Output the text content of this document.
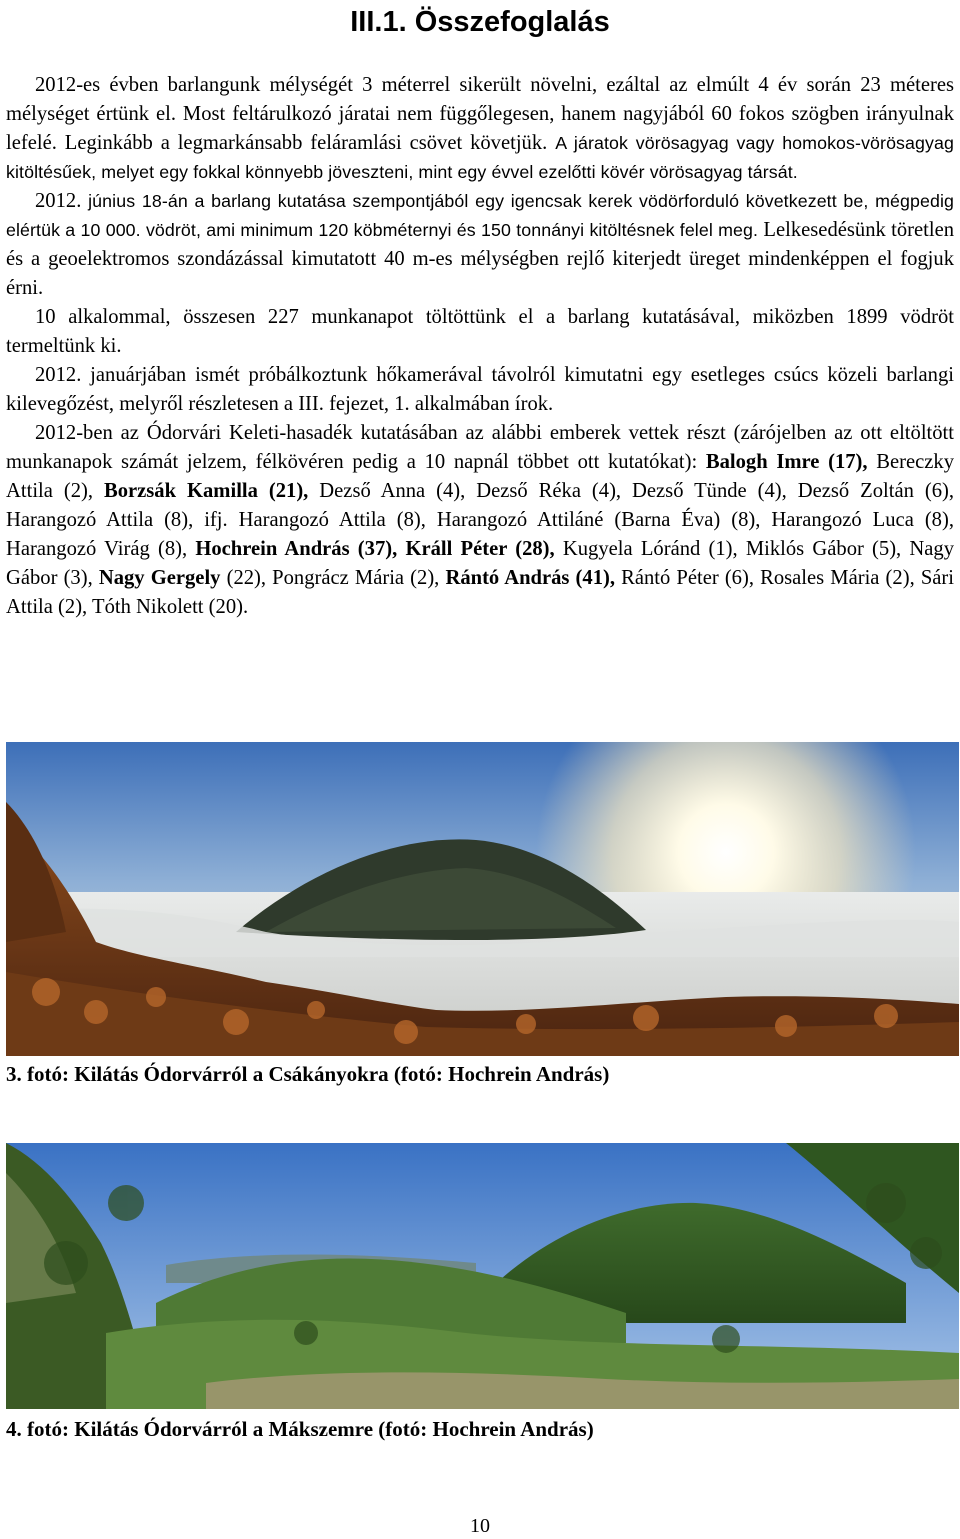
III.1. Összefoglalás

2012-es évben barlangunk mélységét 3 méterrel sikerült növelni, ezáltal az elmúlt 4 év során 23 méteres mélységet értünk el. Most feltárulkozó járatai nem függőlegesen, hanem nagyjából 60 fokos szögben irányulnak lefelé. Leginkább a legmarkánsabb feláramlási csövet követjük. A járatok vörösagyag vagy homokos-vörösagyag kitöltésűek, melyet egy fokkal könnyebb jöveszteni, mint egy évvel ezelőtti kövér vörösagyag társát.

2012. június 18-án a barlang kutatása szempontjából egy igencsak kerek vödörforduló következett be, mégpedig elértük a 10 000. vödröt, ami minimum 120 köbméternyi és 150 tonnányi kitöltésnek felel meg. Lelkesedésünk töretlen és a geoelektromos szondázással kimutatott 40 m-es mélységben rejlő kiterjedt üreget mindenképpen el fogjuk érni.

10 alkalommal, összesen 227 munkanapot töltöttünk el a barlang kutatásával, miközben 1899 vödröt termeltünk ki.

2012. januárjában ismét próbálkoztunk hőkamerával távolról kimutatni egy esetleges csúcs közeli barlangi kilevegőzést, melyről részletesen a III. fejezet, 1. alkalmában írok.

2012-ben az Ódorvári Keleti-hasadék kutatásában az alábbi emberek vettek részt (zárójelben az ott eltöltött munkanapok számát jelzem, félkövéren pedig a 10 napnál többet ott kutatókat): Balogh Imre (17), Bereczky Attila (2), Borzsák Kamilla (21), Dezső Anna (4), Dezső Réka (4), Dezső Tünde (4), Dezső Zoltán (6), Harangozó Attila (8), ifj. Harangozó Attila (8), Harangozó Attiláné (Barna Éva) (8), Harangozó Luca (8), Harangozó Virág (8), Hochrein András (37), Králl Péter (28), Kugyela Lóránd (1), Miklós Gábor (5), Nagy Gábor (3), Nagy Gergely (22), Pongrácz Mária (2), Rántó András (41), Rántó Péter (6), Rosales Mária (2), Sári Attila (2), Tóth Nikolett (20).

3. fotó: Kilátás Ódorvárról a Csákányokra (fotó: Hochrein András)

4. fotó: Kilátás Ódorvárról a Mákszemre (fotó: Hochrein András)

10
